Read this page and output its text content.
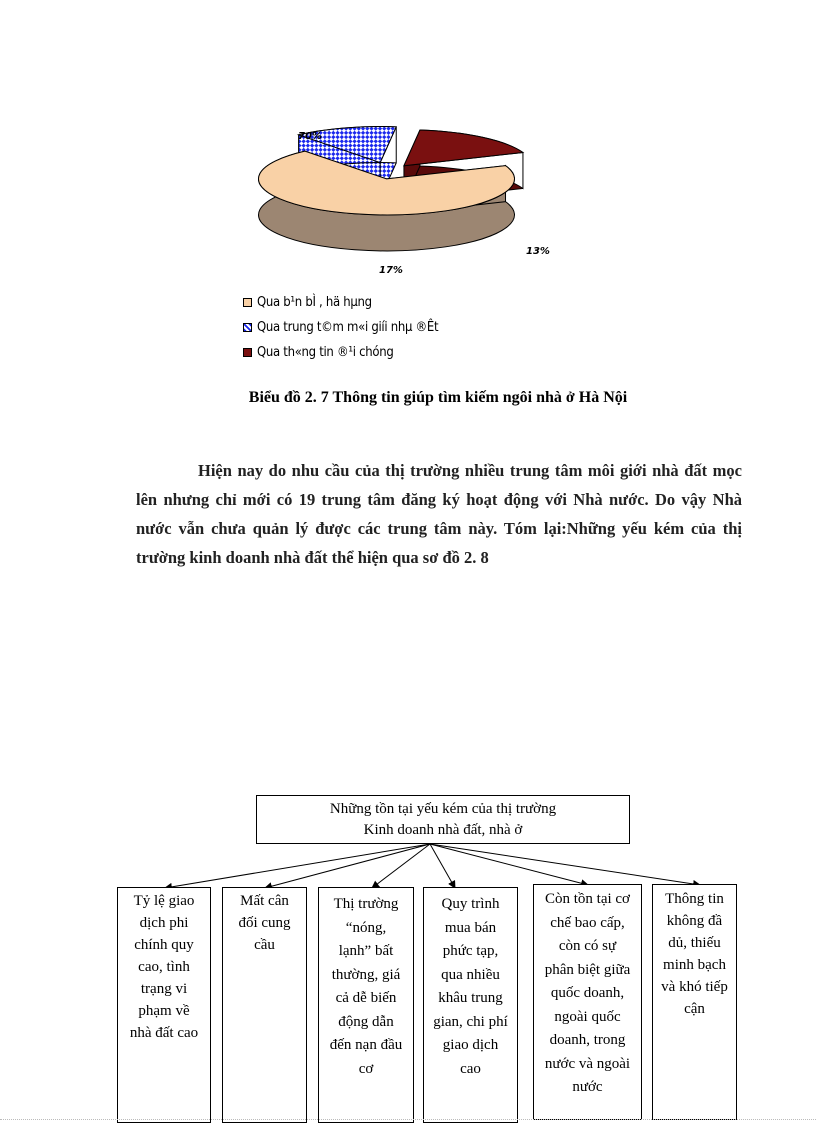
70%
13%
17%
Qua b¹n bÌ , hä hµng
Qua trung t©m m«i giíi nhµ ®Êt
Qua th«ng tin ®¹i chóng
Biểu đồ 2. 7 Thông tin giúp tìm kiếm ngôi nhà ở Hà Nội
Hiện nay do nhu cầu của thị trường nhiều trung tâm môi giới nhà đất mọc lên nhưng chỉ mới có 19 trung tâm đăng ký hoạt động với Nhà nước. Do vậy Nhà nước vẫn chưa quản lý được các trung tâm này. Tóm lại:Những yếu kém của thị trường kinh doanh nhà đất thể hiện qua sơ đồ 2. 8
Những tồn tại yếu kém của thị trường
Kinh doanh nhà đất, nhà ở
Tỷ lệ giao
dịch phi
chính quy
cao, tình
trạng vi
phạm về
nhà đất cao
Mất cân
đối cung
cầu
Thị trường
“nóng,
lạnh” bất
thường, giá
cả dễ biến
động dẫn
đến nạn đầu
cơ
Quy trình
mua bán
phức tạp,
qua nhiều
khâu trung
gian, chi phí
giao dịch
cao
Còn tồn tại cơ
chế bao cấp,
còn có sự
phân biệt giữa
quốc doanh,
ngoài quốc
doanh, trong
nước và ngoài
nước
Thông tin
không đầ
dủ, thiếu
minh bạch
và khó tiếp
cận
